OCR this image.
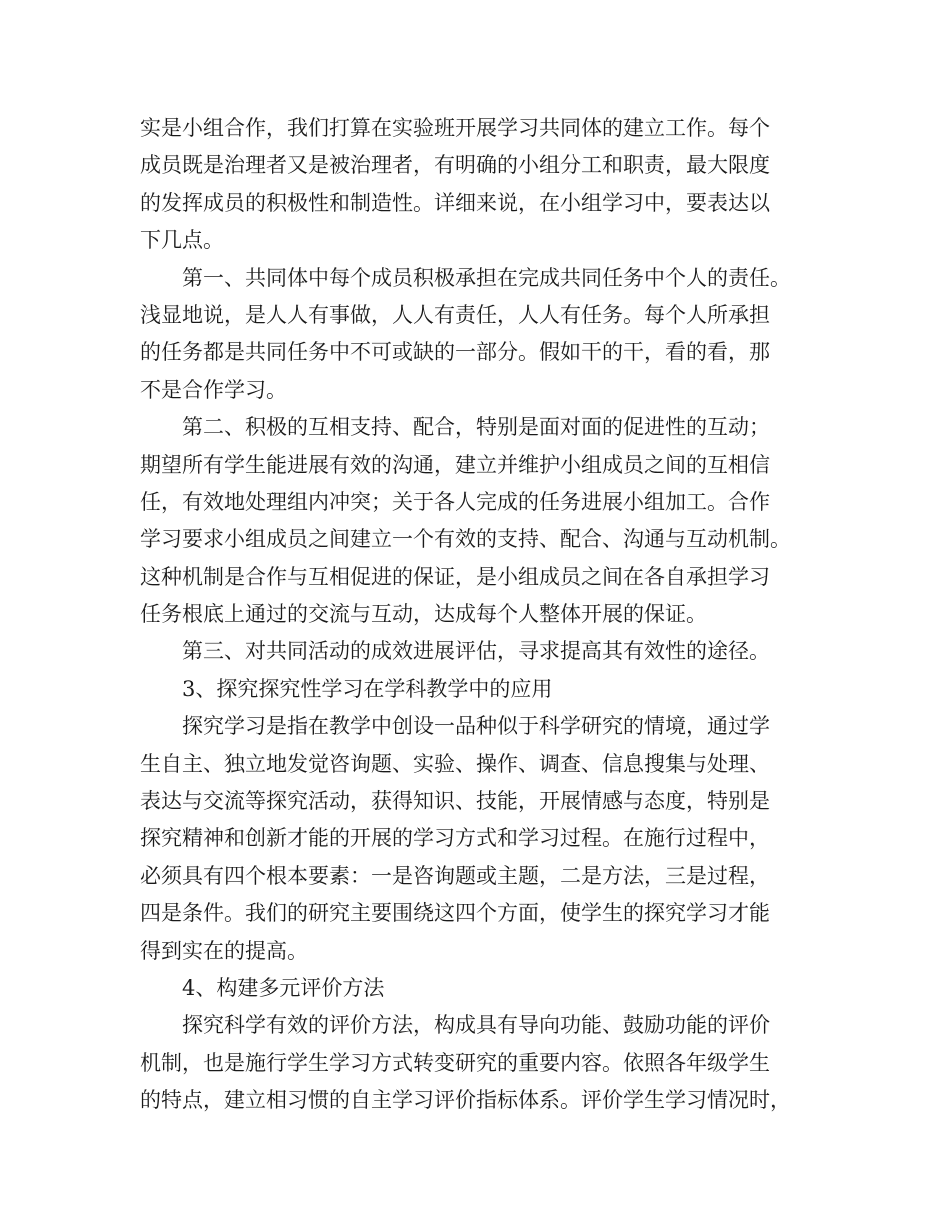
实是小组合作，我们打算在实验班开展学习共同体的建立工作。每个
成员既是治理者又是被治理者，有明确的小组分工和职责，最大限度
的发挥成员的积极性和制造性。详细来说，在小组学习中，要表达以
下几点。
第一、共同体中每个成员积极承担在完成共同任务中个人的责任。
浅显地说，是人人有事做，人人有责任，人人有任务。每个人所承担
的任务都是共同任务中不可或缺的一部分。假如干的干，看的看，那
不是合作学习。
第二、积极的互相支持、配合，特别是面对面的促进性的互动；
期望所有学生能进展有效的沟通，建立并维护小组成员之间的互相信
任，有效地处理组内冲突；关于各人完成的任务进展小组加工。合作
学习要求小组成员之间建立一个有效的支持、配合、沟通与互动机制。
这种机制是合作与互相促进的保证，是小组成员之间在各自承担学习
任务根底上通过的交流与互动，达成每个人整体开展的保证。
第三、对共同活动的成效进展评估，寻求提高其有效性的途径。
3、探究探究性学习在学科教学中的应用
探究学习是指在教学中创设一品种似于科学研究的情境，通过学
生自主、独立地发觉咨询题、实验、操作、调查、信息搜集与处理、
表达与交流等探究活动，获得知识、技能，开展情感与态度，特别是
探究精神和创新才能的开展的学习方式和学习过程。在施行过程中，
必须具有四个根本要素：一是咨询题或主题，二是方法，三是过程，
四是条件。我们的研究主要围绕这四个方面，使学生的探究学习才能
得到实在的提高。
4、构建多元评价方法
探究科学有效的评价方法，构成具有导向功能、鼓励功能的评价
机制，也是施行学生学习方式转变研究的重要内容。依照各年级学生
的特点，建立相习惯的自主学习评价指标体系。评价学生学习情况时，
